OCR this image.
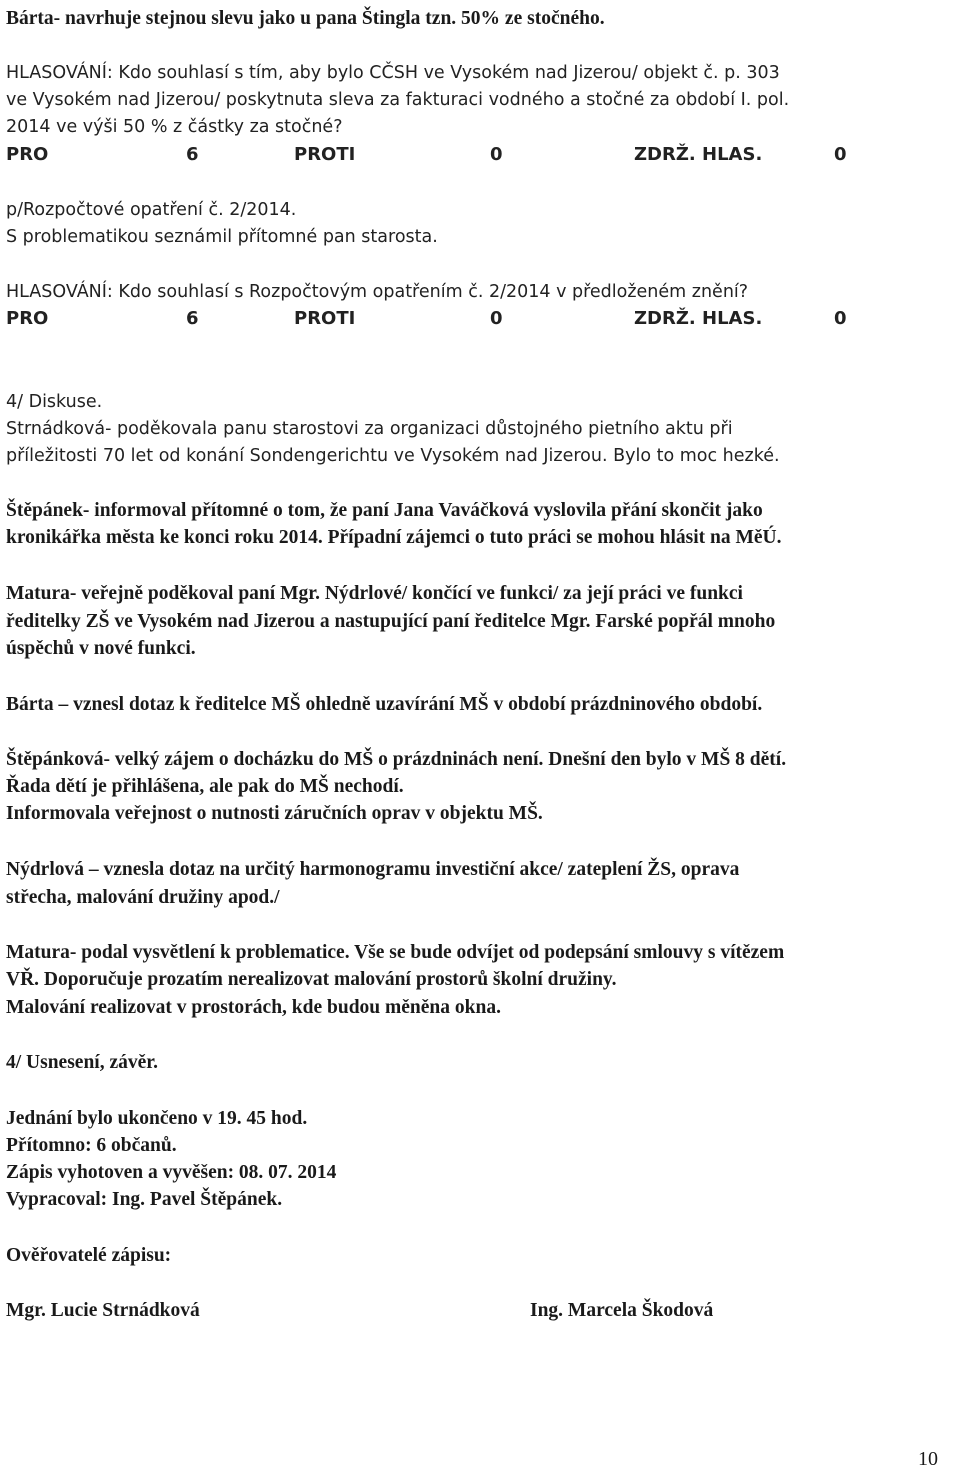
Bárta- navrhuje stejnou slevu jako u pana Štingla tzn. 50% ze stočného.
HLASOVÁNÍ: Kdo souhlasí s tím, aby bylo CČSH ve Vysokém nad Jizerou/ objekt č. p. 303
ve Vysokém nad Jizerou/ poskytnuta sleva za fakturaci vodného a stočné za období I. pol.
2014 ve výši 50 % z částky za stočné?
PRO	6	PROTI	0	ZDRŽ. HLAS.	0
p/Rozpočtové opatření č. 2/2014.
S problematikou seznámil přítomné pan starosta.
HLASOVÁNÍ: Kdo souhlasí s Rozpočtovým opatřením č. 2/2014 v předloženém znění?
PRO	6	PROTI	0	ZDRŽ. HLAS.	0
4/ Diskuse.
Strnádková- poděkovala panu starostovi za organizaci důstojného pietního aktu při
příležitosti 70 let od konání Sondengerichtu ve Vysokém nad Jizerou. Bylo to moc hezké.
Štěpánek- informoval přítomné o tom, že paní Jana Vaváčková vyslovila přání skončit jako
kronikářka města ke konci roku 2014. Případní zájemci o tuto práci se mohou hlásit na MěÚ.
Matura- veřejně poděkoval paní Mgr. Nýdrlové/ končící ve funkci/ za její práci ve funkci
ředitelky ZŠ ve Vysokém nad Jizerou a nastupující paní ředitelce Mgr. Farské popřál mnoho
úspěchů v nové funkci.
Bárta – vznesl dotaz k ředitelce MŠ ohledně uzavírání MŠ v období prázdninového období.
Štěpánková- velký zájem o docházku do MŠ o prázdninách není. Dnešní den bylo v MŠ 8 dětí.
Řada dětí je přihlášena, ale pak do MŠ nechodí.
Informovala veřejnost o nutnosti záručních oprav v objektu MŠ.
Nýdrlová – vznesla dotaz na určitý harmonogramu investiční akce/ zateplení ŽS, oprava
střecha, malování družiny apod./
Matura- podal vysvětlení k problematice. Vše se bude odvíjet od podepsání smlouvy s vítězem
VŘ. Doporučuje prozatím nerealizovat malování prostorů školní družiny.
Malování realizovat v prostorách, kde budou měněna okna.
4/ Usnesení, závěr.
Jednání bylo ukončeno v 19. 45 hod.
Přítomno: 6 občanů.
Zápis vyhotoven a vyvěšen: 08. 07. 2014
Vypracoval: Ing. Pavel Štěpánek.
Ověřovatelé zápisu:
Mgr. Lucie Strnádková	Ing. Marcela Škodová
10
